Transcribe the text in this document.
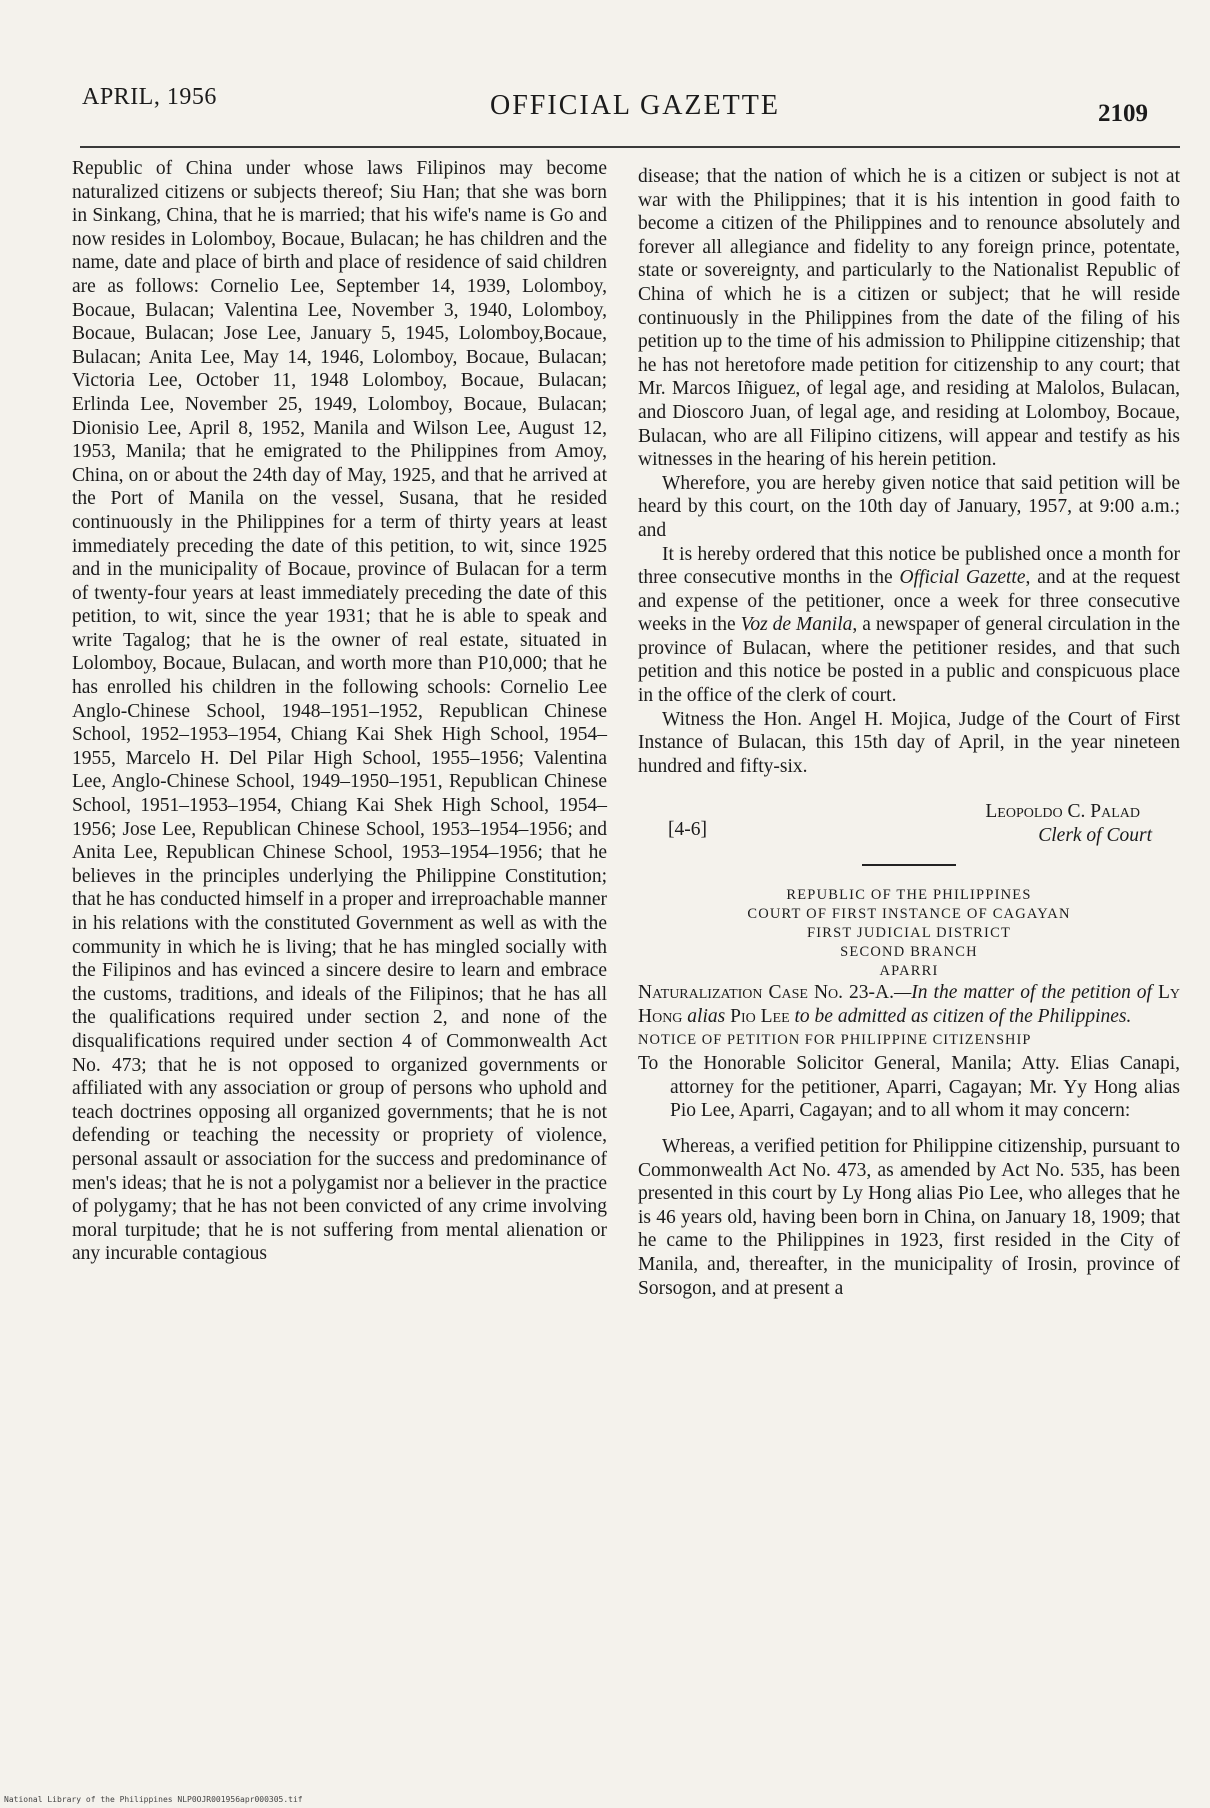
APRIL, 1956	OFFICIAL GAZETTE	2109

Republic of China under whose laws Filipinos may become naturalized citizens or subjects thereof; Siu Han; that she was born in Sinkang, China, that he is married; that his wife's name is Go and now resides in Lolomboy, Bocaue, Bulacan; he has children and the name, date and place of birth and place of residence of said children are as follows: Cornelio Lee, September 14, 1939, Lolomboy, Bocaue, Bulacan; Valentina Lee, November 3, 1940, Lolomboy, Bocaue, Bulacan; Jose Lee, January 5, 1945, Lolomboy,Bocaue, Bulacan; Anita Lee, May 14, 1946, Lolomboy, Bocaue, Bulacan; Victoria Lee, October 11, 1948 Lolomboy, Bocaue, Bulacan; Erlinda Lee, November 25, 1949, Lolomboy, Bocaue, Bulacan; Dionisio Lee, April 8, 1952, Manila and Wilson Lee, August 12, 1953, Manila; that he emigrated to the Philippines from Amoy, China, on or about the 24th day of May, 1925, and that he arrived at the Port of Manila on the vessel, Susana, that he resided continuously in the Philippines for a term of thirty years at least immediately preceding the date of this petition, to wit, since 1925 and in the municipality of Bocaue, province of Bulacan for a term of twenty-four years at least immediately preceding the date of this petition, to wit, since the year 1931; that he is able to speak and write Tagalog; that he is the owner of real estate, situated in Lolomboy, Bocaue, Bulacan, and worth more than P10,000; that he has enrolled his children in the following schools: Cornelio Lee Anglo-Chinese School, 1948–1951–1952, Republican Chinese School, 1952–1953–1954, Chiang Kai Shek High School, 1954–1955, Marcelo H. Del Pilar High School, 1955–1956; Valentina Lee, Anglo-Chinese School, 1949–1950–1951, Republican Chinese School, 1951–1953–1954, Chiang Kai Shek High School, 1954–1956; Jose Lee, Republican Chinese School, 1953–1954–1956; and Anita Lee, Republican Chinese School, 1953–1954–1956; that he believes in the principles underlying the Philippine Constitution; that he has conducted himself in a proper and irreproachable manner in his relations with the constituted Government as well as with the community in which he is living; that he has mingled socially with the Filipinos and has evinced a sincere desire to learn and embrace the customs, traditions, and ideals of the Filipinos; that he has all the qualifications required under section 2, and none of the disqualifications required under section 4 of Commonwealth Act No. 473; that he is not opposed to organized governments or affiliated with any association or group of persons who uphold and teach doctrines opposing all organized governments; that he is not defending or teaching the necessity or propriety of violence, personal assault or association for the success and predominance of men's ideas; that he is not a polygamist nor a believer in the practice of polygamy; that he has not been convicted of any crime involving moral turpitude; that he is not suffering from mental alienation or any incurable contagious

disease; that the nation of which he is a citizen or subject is not at war with the Philippines; that it is his intention in good faith to become a citizen of the Philippines and to renounce absolutely and forever all allegiance and fidelity to any foreign prince, potentate, state or sovereignty, and particularly to the Nationalist Republic of China of which he is a citizen or subject; that he will reside continuously in the Philippines from the date of the filing of his petition up to the time of his admission to Philippine citizenship; that he has not heretofore made petition for citizenship to any court; that Mr. Marcos Iñiguez, of legal age, and residing at Malolos, Bulacan, and Dioscoro Juan, of legal age, and residing at Lolomboy, Bocaue, Bulacan, who are all Filipino citizens, will appear and testify as his witnesses in the hearing of his herein petition.

Wherefore, you are hereby given notice that said petition will be heard by this court, on the 10th day of January, 1957, at 9:00 a.m.; and

It is hereby ordered that this notice be published once a month for three consecutive months in the Official Gazette, and at the request and expense of the petitioner, once a week for three consecutive weeks in the Voz de Manila, a newspaper of general circulation in the province of Bulacan, where the petitioner resides, and that such petition and this notice be posted in a public and conspicuous place in the office of the clerk of court.

Witness the Hon. Angel H. Mojica, Judge of the Court of First Instance of Bulacan, this 15th day of April, in the year nineteen hundred and fifty-six.

[4-6]
Leopoldo C. Palad
Clerk of Court
REPUBLIC OF THE PHILIPPINES
COURT OF FIRST INSTANCE OF CAGAYAN
FIRST JUDICIAL DISTRICT
SECOND BRANCH
APARRI

Naturalization Case No. 23-A.—In the matter of the petition of Ly Hong alias Pio Lee to be admitted as citizen of the Philippines.

NOTICE OF PETITION FOR PHILIPPINE CITIZENSHIP

To the Honorable Solicitor General, Manila; Atty. Elias Canapi, attorney for the petitioner, Aparri, Cagayan; Mr. Yy Hong alias Pio Lee, Aparri, Cagayan; and to all whom it may concern:

Whereas, a verified petition for Philippine citizenship, pursuant to Commonwealth Act No. 473, as amended by Act No. 535, has been presented in this court by Ly Hong alias Pio Lee, who alleges that he is 46 years old, having been born in China, on January 18, 1909; that he came to the Philippines in 1923, first resided in the City of Manila, and, thereafter, in the municipality of Irosin, province of Sorsogon, and at present a

National Library of the Philippines NLP0OJR001956apr000305.tif
